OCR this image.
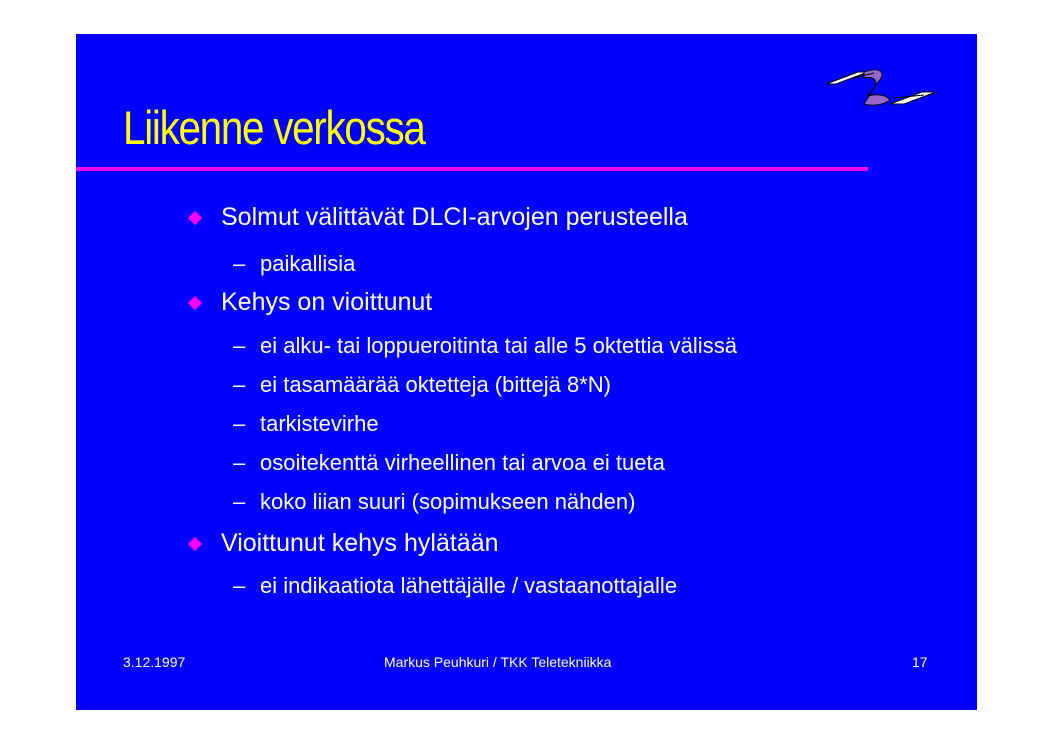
Liikenne verkossa
Solmut välittävät DLCI-arvojen perusteella
– paikallisia
Kehys on vioittunut
– ei alku- tai loppueroitinta tai alle 5 oktettia välissä
– ei tasamäärää oktetteja (bittejä 8*N)
– tarkistevirhe
– osoitekenttä virheellinen tai arvoa ei tueta
– koko liian suuri (sopimukseen nähden)
Vioittunut kehys hylätään
– ei indikaatiota lähettäjälle / vastaanottajalle
3.12.1997	Markus Peuhkuri / TKK Teletekniikka	17
